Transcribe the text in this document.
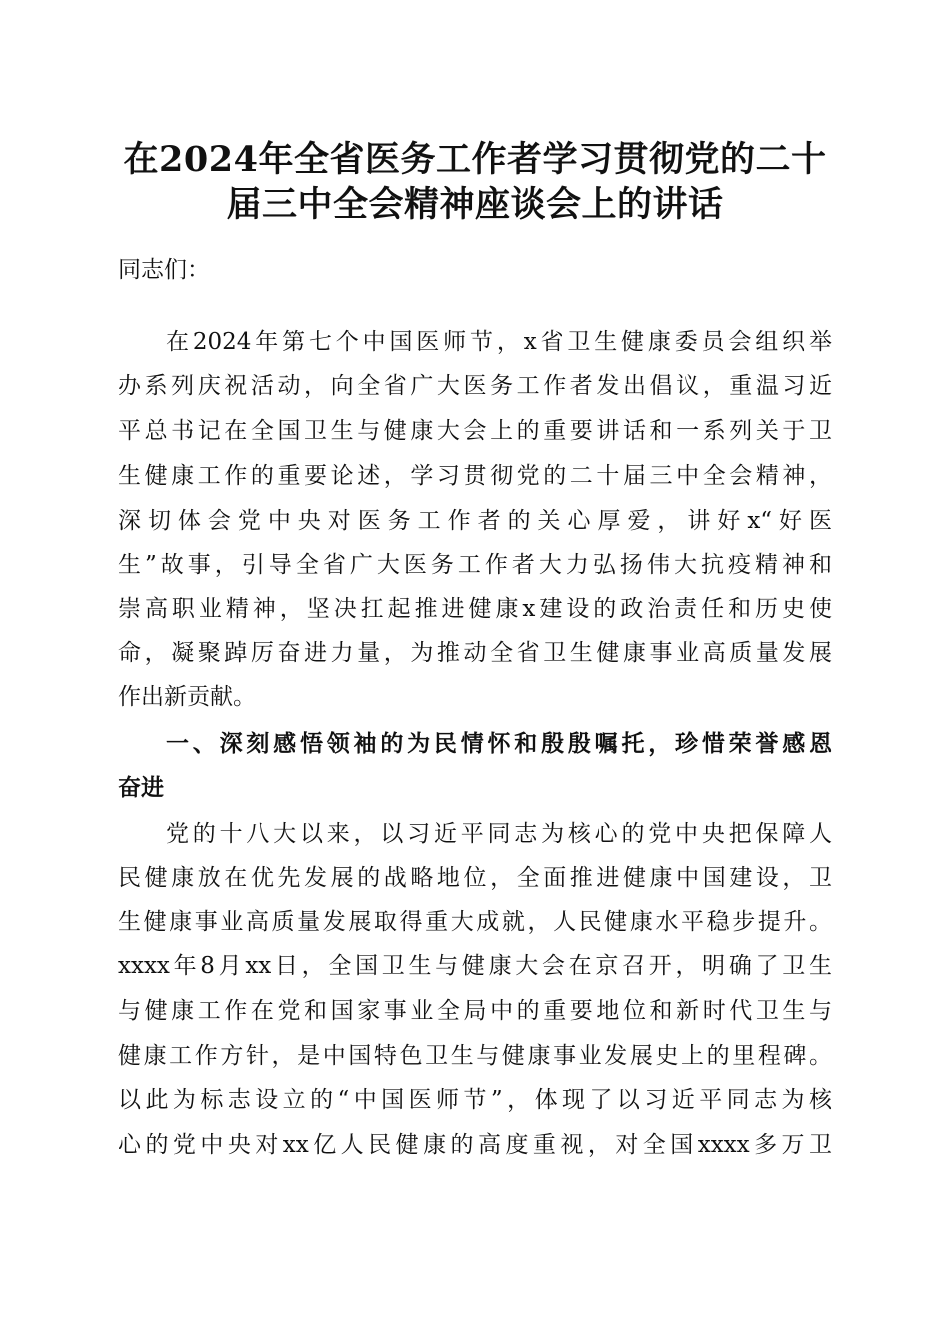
在2024年全省医务工作者学习贯彻党的二十
届三中全会精神座谈会上的讲话
同志们：
在2024年第七个中国医师节，x省卫生健康委员会组织举
办系列庆祝活动，向全省广大医务工作者发出倡议，重温习近
平总书记在全国卫生与健康大会上的重要讲话和一系列关于卫
生健康工作的重要论述，学习贯彻党的二十届三中全会精神，
深切体会党中央对医务工作者的关心厚爱，讲好x“好医
生”故事，引导全省广大医务工作者大力弘扬伟大抗疫精神和
崇高职业精神，坚决扛起推进健康x建设的政治责任和历史使
命，凝聚踔厉奋进力量，为推动全省卫生健康事业高质量发展
作出新贡献。
一、深刻感悟领袖的为民情怀和殷殷嘱托，珍惜荣誉感恩
奋进
党的十八大以来，以习近平同志为核心的党中央把保障人
民健康放在优先发展的战略地位，全面推进健康中国建设，卫
生健康事业高质量发展取得重大成就，人民健康水平稳步提升。
xxxx年8月xx日，全国卫生与健康大会在京召开，明确了卫生
与健康工作在党和国家事业全局中的重要地位和新时代卫生与
健康工作方针，是中国特色卫生与健康事业发展史上的里程碑。
以此为标志设立的“中国医师节”，体现了以习近平同志为核
心的党中央对xx亿人民健康的高度重视，对全国xxxx多万卫
